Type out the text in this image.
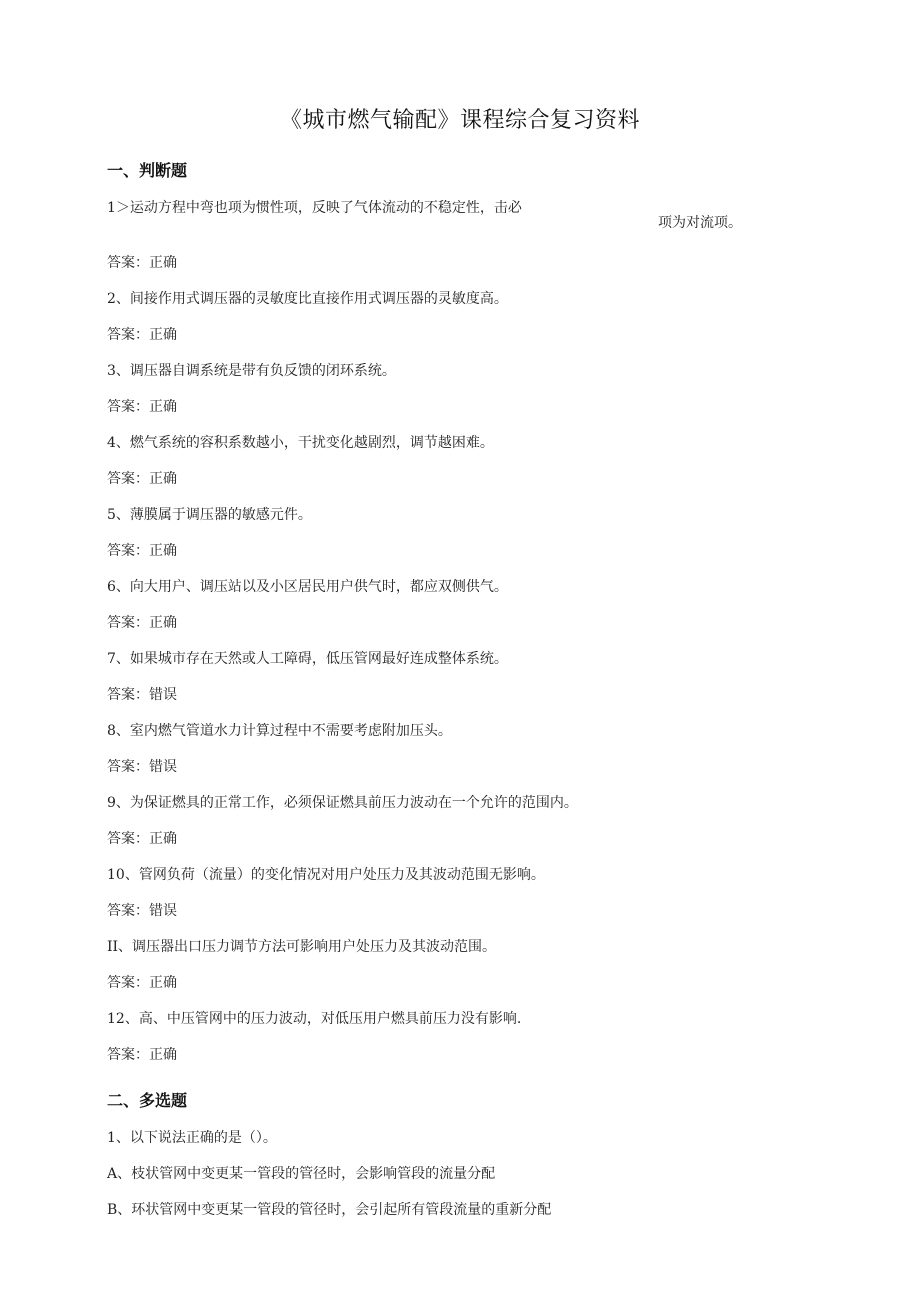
《城市燃气输配》课程综合复习资料
一、判断题
1＞运动方程中弯也项为惯性项，反映了气体流动的不稳定性，击必
项为对流项。
答案：正确
2、间接作用式调压器的灵敏度比直接作用式调压器的灵敏度高。
答案：正确
3、调压器自调系统是带有负反馈的闭环系统。
答案：正确
4、燃气系统的容积系数越小，干扰变化越剧烈，调节越困难。
答案：正确
5、薄膜属于调压器的敏感元件。
答案：正确
6、向大用户、调压站以及小区居民用户供气时，都应双侧供气。
答案：正确
7、如果城市存在天然或人工障碍，低压管网最好连成整体系统。
答案：错误
8、室内燃气管道水力计算过程中不需要考虑附加压头。
答案：错误
9、为保证燃具的正常工作，必须保证燃具前压力波动在一个允许的范围内。
答案：正确
10、管网负荷（流量）的变化情况对用户处压力及其波动范围无影响。
答案：错误
II、调压器出口压力调节方法可影响用户处压力及其波动范围。
答案：正确
12、高、中压管网中的压力波动，对低压用户燃具前压力没有影响.
答案：正确
二、多选题
1、以下说法正确的是（）。
A、枝状管网中变更某一管段的管径时，会影响管段的流量分配
B、环状管网中变更某一管段的管径时，会引起所有管段流量的重新分配
